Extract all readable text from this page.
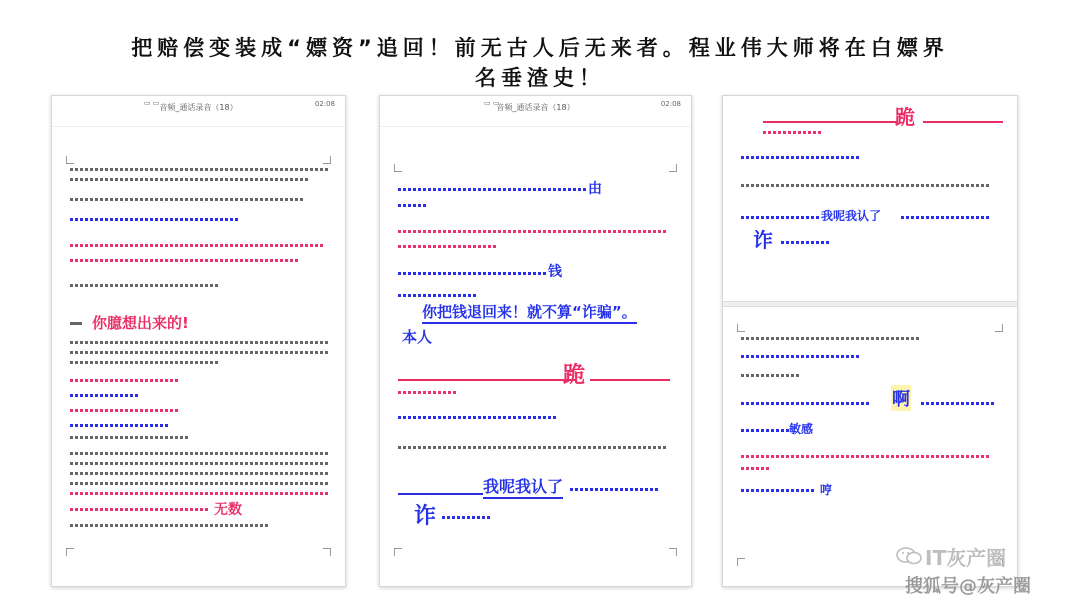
把赔偿变装成“嫖资”追回！前无古人后无来者。程业伟大师将在白嫖界
名垂渣史！
▭ ▭	02:08
音频_通话录音（18）
你臆想出来的!
无数
▭ ▭	02:08
音频_通话录音（18）
由
钱
你把钱退回来！就不算“诈骗”。
本人
跪
我呢我认了
诈
跪
我呢我认了
诈
啊
敏感
哼
IT灰产圈
搜狐号@灰产圈
